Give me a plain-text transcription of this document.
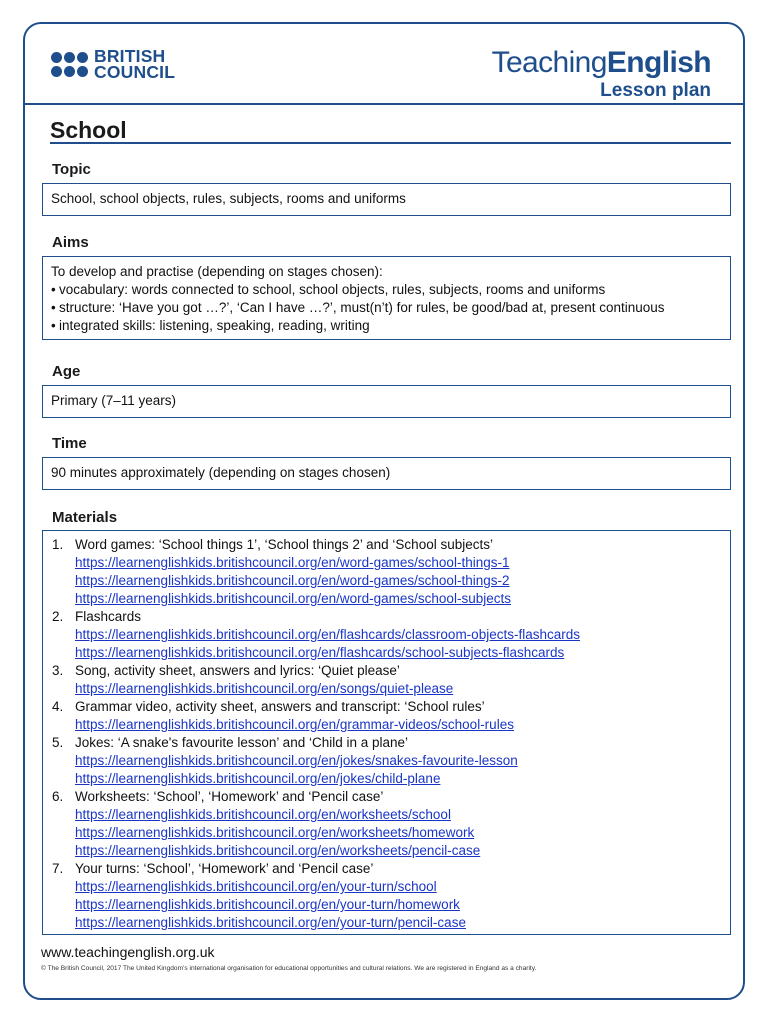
BRITISH
COUNCIL	TeachingEnglish
Lesson plan
School
Topic
School, school objects, rules, subjects, rooms and uniforms
Aims
To develop and practise (depending on stages chosen):
• vocabulary: words connected to school, school objects, rules, subjects, rooms and uniforms
• structure: ‘Have you got …?’, ‘Can I have …?’, must(n’t) for rules, be good/bad at, present continuous
• integrated skills: listening, speaking, reading, writing
Age
Primary (7–11 years)
Time
90 minutes approximately (depending on stages chosen)
Materials
1. Word games: ‘School things 1’, ‘School things 2’ and ‘School subjects’
https://learnenglishkids.britishcouncil.org/en/word-games/school-things-1
https://learnenglishkids.britishcouncil.org/en/word-games/school-things-2
https://learnenglishkids.britishcouncil.org/en/word-games/school-subjects
2. Flashcards
https://learnenglishkids.britishcouncil.org/en/flashcards/classroom-objects-flashcards
https://learnenglishkids.britishcouncil.org/en/flashcards/school-subjects-flashcards
3. Song, activity sheet, answers and lyrics: ‘Quiet please’
https://learnenglishkids.britishcouncil.org/en/songs/quiet-please
4. Grammar video, activity sheet, answers and transcript: ‘School rules’
https://learnenglishkids.britishcouncil.org/en/grammar-videos/school-rules
5. Jokes: ‘A snake's favourite lesson’ and ‘Child in a plane’
https://learnenglishkids.britishcouncil.org/en/jokes/snakes-favourite-lesson
https://learnenglishkids.britishcouncil.org/en/jokes/child-plane
6. Worksheets: ‘School’, ‘Homework’ and ‘Pencil case’
https://learnenglishkids.britishcouncil.org/en/worksheets/school
https://learnenglishkids.britishcouncil.org/en/worksheets/homework
https://learnenglishkids.britishcouncil.org/en/worksheets/pencil-case
7. Your turns: ‘School’, ‘Homework’ and ‘Pencil case’
https://learnenglishkids.britishcouncil.org/en/your-turn/school
https://learnenglishkids.britishcouncil.org/en/your-turn/homework
https://learnenglishkids.britishcouncil.org/en/your-turn/pencil-case
www.teachingenglish.org.uk
© The British Council, 2017 The United Kingdom’s international organisation for educational opportunities and cultural relations. We are registered in England as a charity.
